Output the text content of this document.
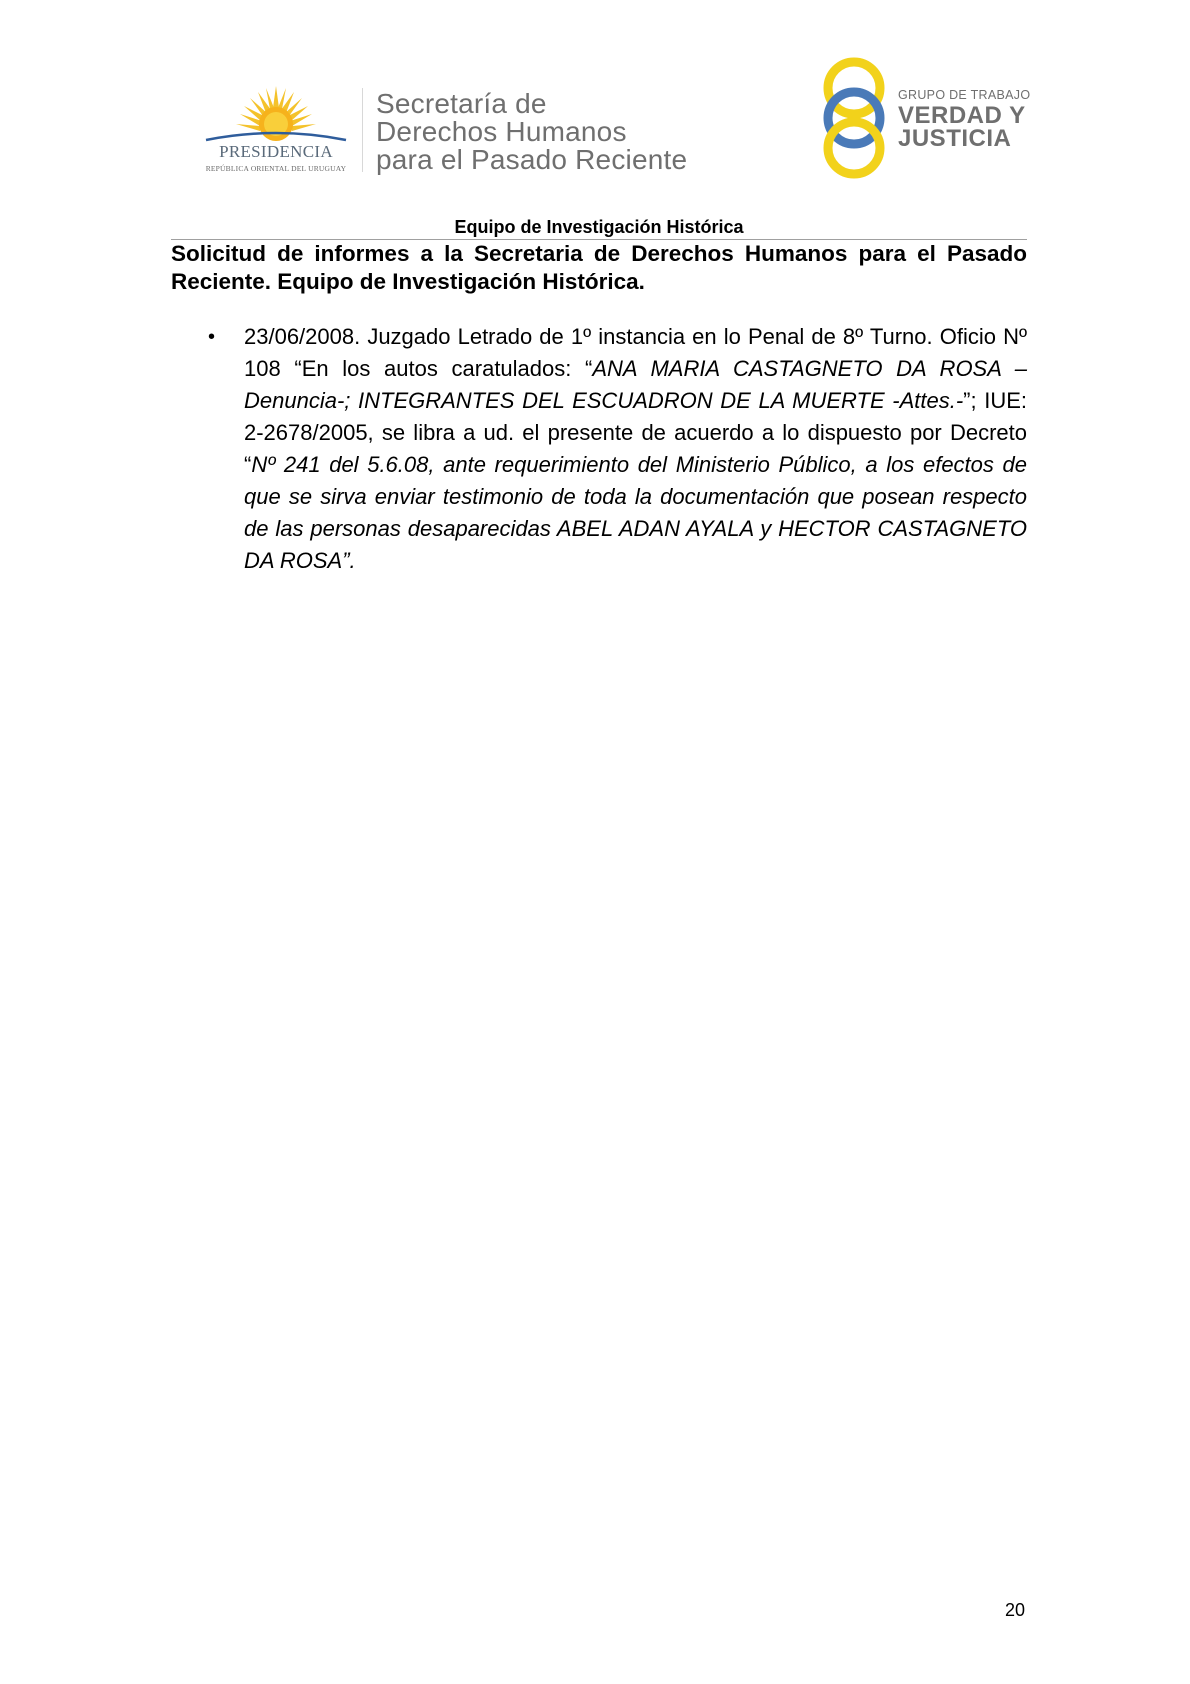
PRESIDENCIA
REPÚBLICA ORIENTAL DEL URUGUAY
Secretaría de
Derechos Humanos
para el Pasado Reciente
GRUPO DE TRABAJO
VERDAD Y
JUSTICIA
Equipo de Investigación Histórica
Solicitud de informes a la Secretaria de Derechos Humanos para el Pasado Reciente. Equipo de Investigación Histórica.
• 23/06/2008. Juzgado Letrado de 1º instancia en lo Penal de 8º Turno. Oficio Nº 108 “En los autos caratulados: “ANA MARIA CASTAGNETO DA ROSA – Denuncia-; INTEGRANTES DEL ESCUADRON DE LA MUERTE -Attes.-”; IUE: 2-2678/2005, se libra a ud. el presente de acuerdo a lo dispuesto por Decreto “Nº 241 del 5.6.08, ante requerimiento del Ministerio Público, a los efectos de que se sirva enviar testimonio de toda la documentación que posean respecto de las personas desaparecidas ABEL ADAN AYALA y HECTOR CASTAGNETO DA ROSA”.
20
